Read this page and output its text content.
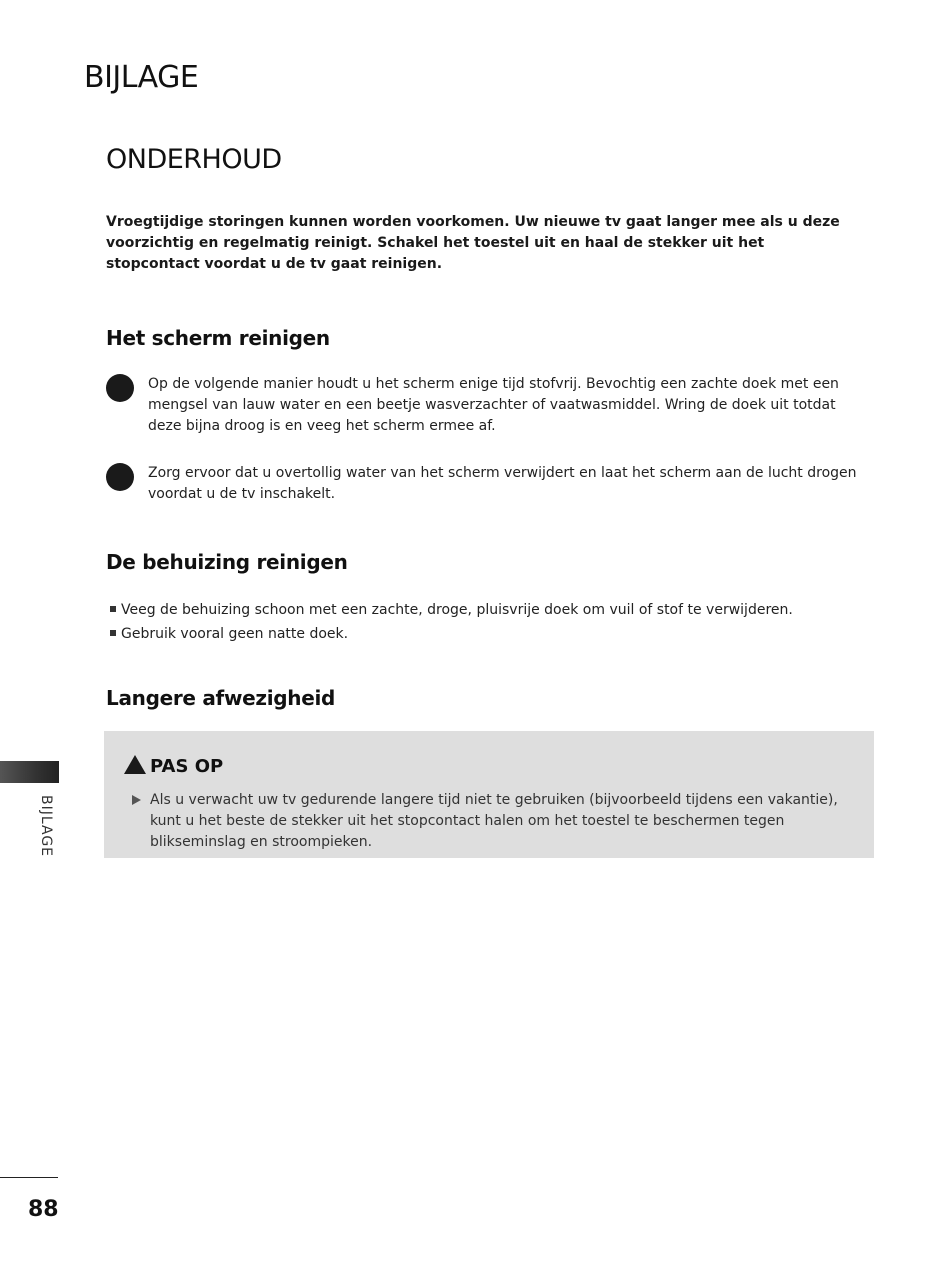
BIJLAGE
ONDERHOUD

Vroegtijdige storingen kunnen worden voorkomen. Uw nieuwe tv gaat langer mee als u deze voorzichtig en regelmatig reinigt. Schakel het toestel uit en haal de stekker uit het stopcontact voordat u de tv gaat reinigen.

Het scherm reinigen

Op de volgende manier houdt u het scherm enige tijd stofvrij. Bevochtig een zachte doek met een mengsel van lauw water en een beetje wasverzachter of vaatwasmiddel. Wring de doek uit totdat deze bijna droog is en veeg het scherm ermee af.

Zorg ervoor dat u overtollig water van het scherm verwijdert en laat het scherm aan de lucht drogen voordat u de tv inschakelt.

De behuizing reinigen
Veeg de behuizing schoon met een zachte, droge, pluisvrije doek om vuil of stof te verwijderen.
Gebruik vooral geen natte doek.
Langere afwezigheid
PAS OP

Als u verwacht uw tv gedurende langere tijd niet te gebruiken (bijvoorbeeld tijdens een vakantie), kunt u het beste de stekker uit het stopcontact halen om het toestel te beschermen tegen blikseminslag en stroompieken.

BIJLAGE
88
